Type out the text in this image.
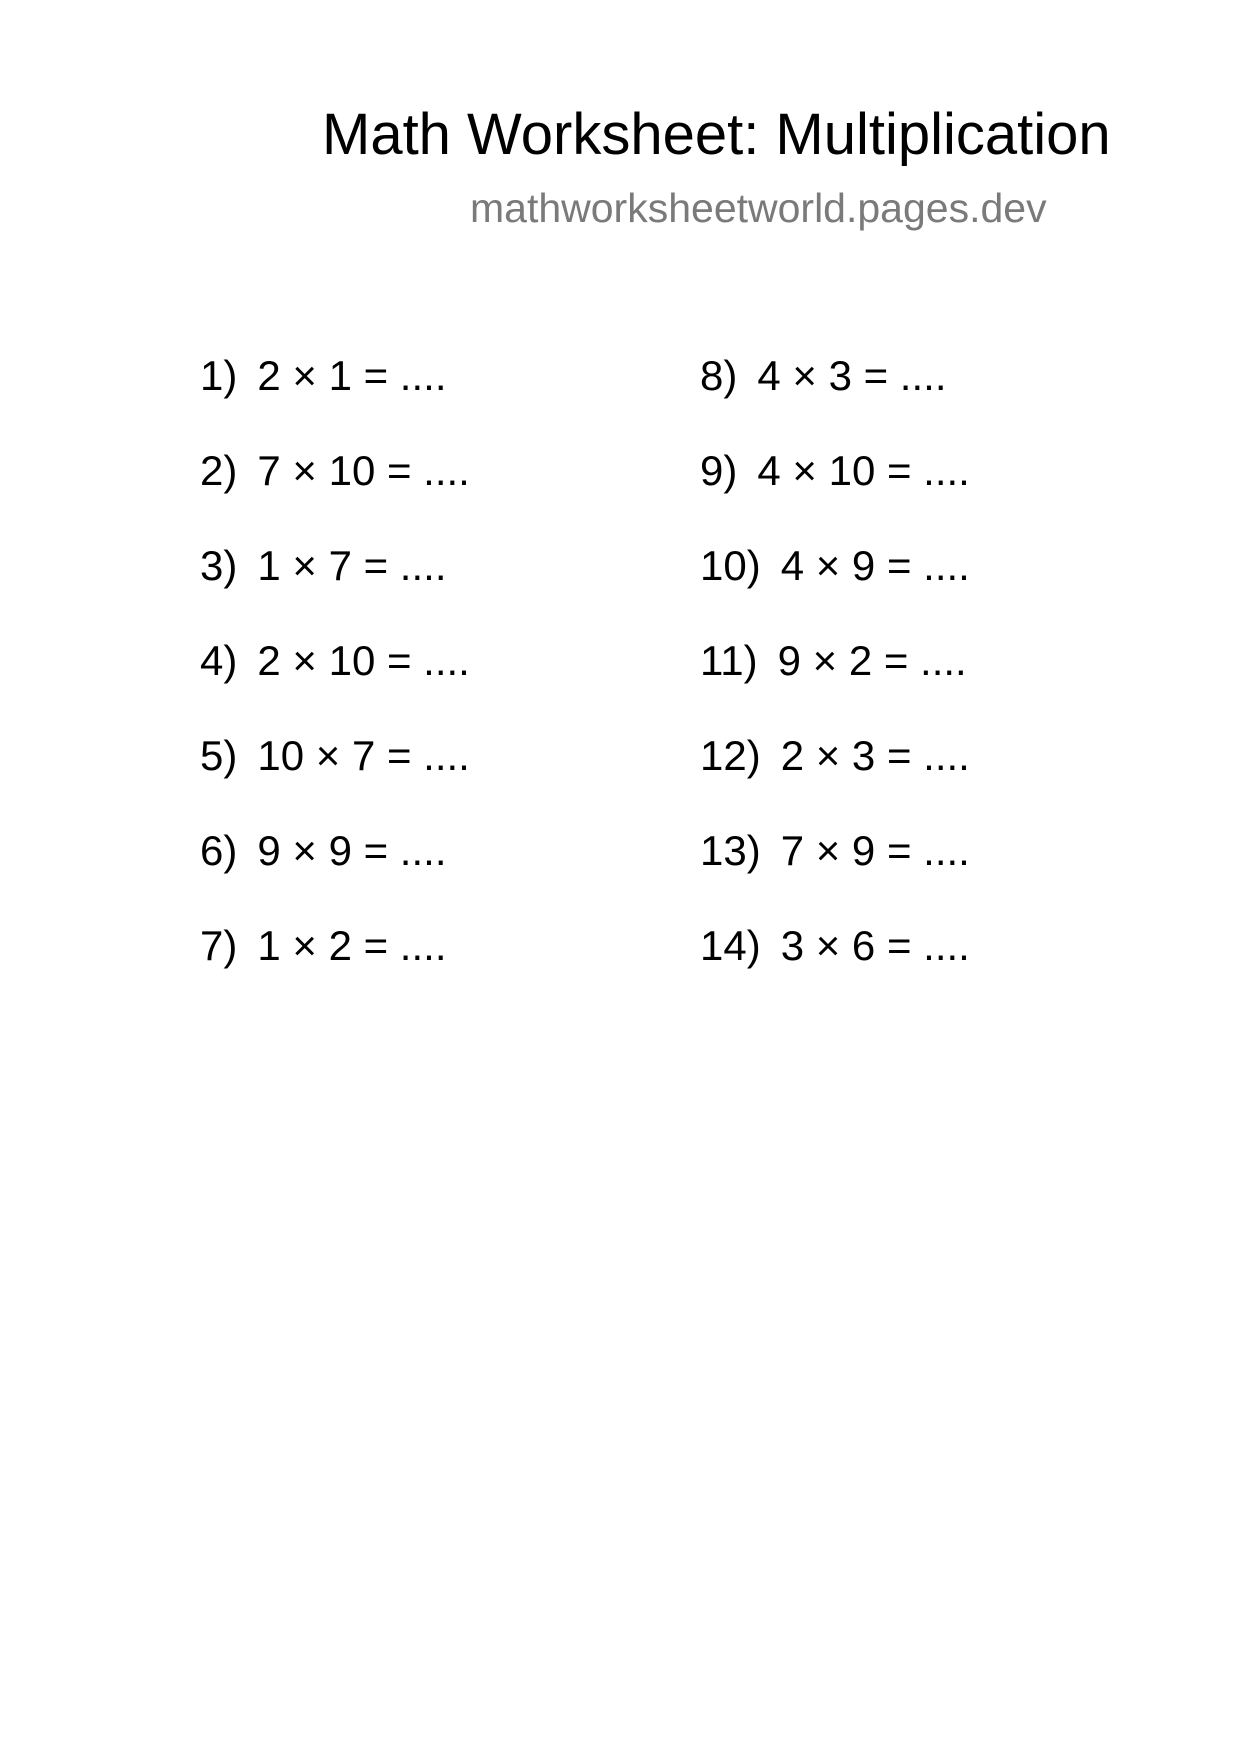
Math Worksheet: Multiplication
mathworksheetworld.pages.dev
1) 2 × 1 = ....
2) 7 × 10 = ....
3) 1 × 7 = ....
4) 2 × 10 = ....
5) 10 × 7 = ....
6) 9 × 9 = ....
7) 1 × 2 = ....
8) 4 × 3 = ....
9) 4 × 10 = ....
10) 4 × 9 = ....
11) 9 × 2 = ....
12) 2 × 3 = ....
13) 7 × 9 = ....
14) 3 × 6 = ....
